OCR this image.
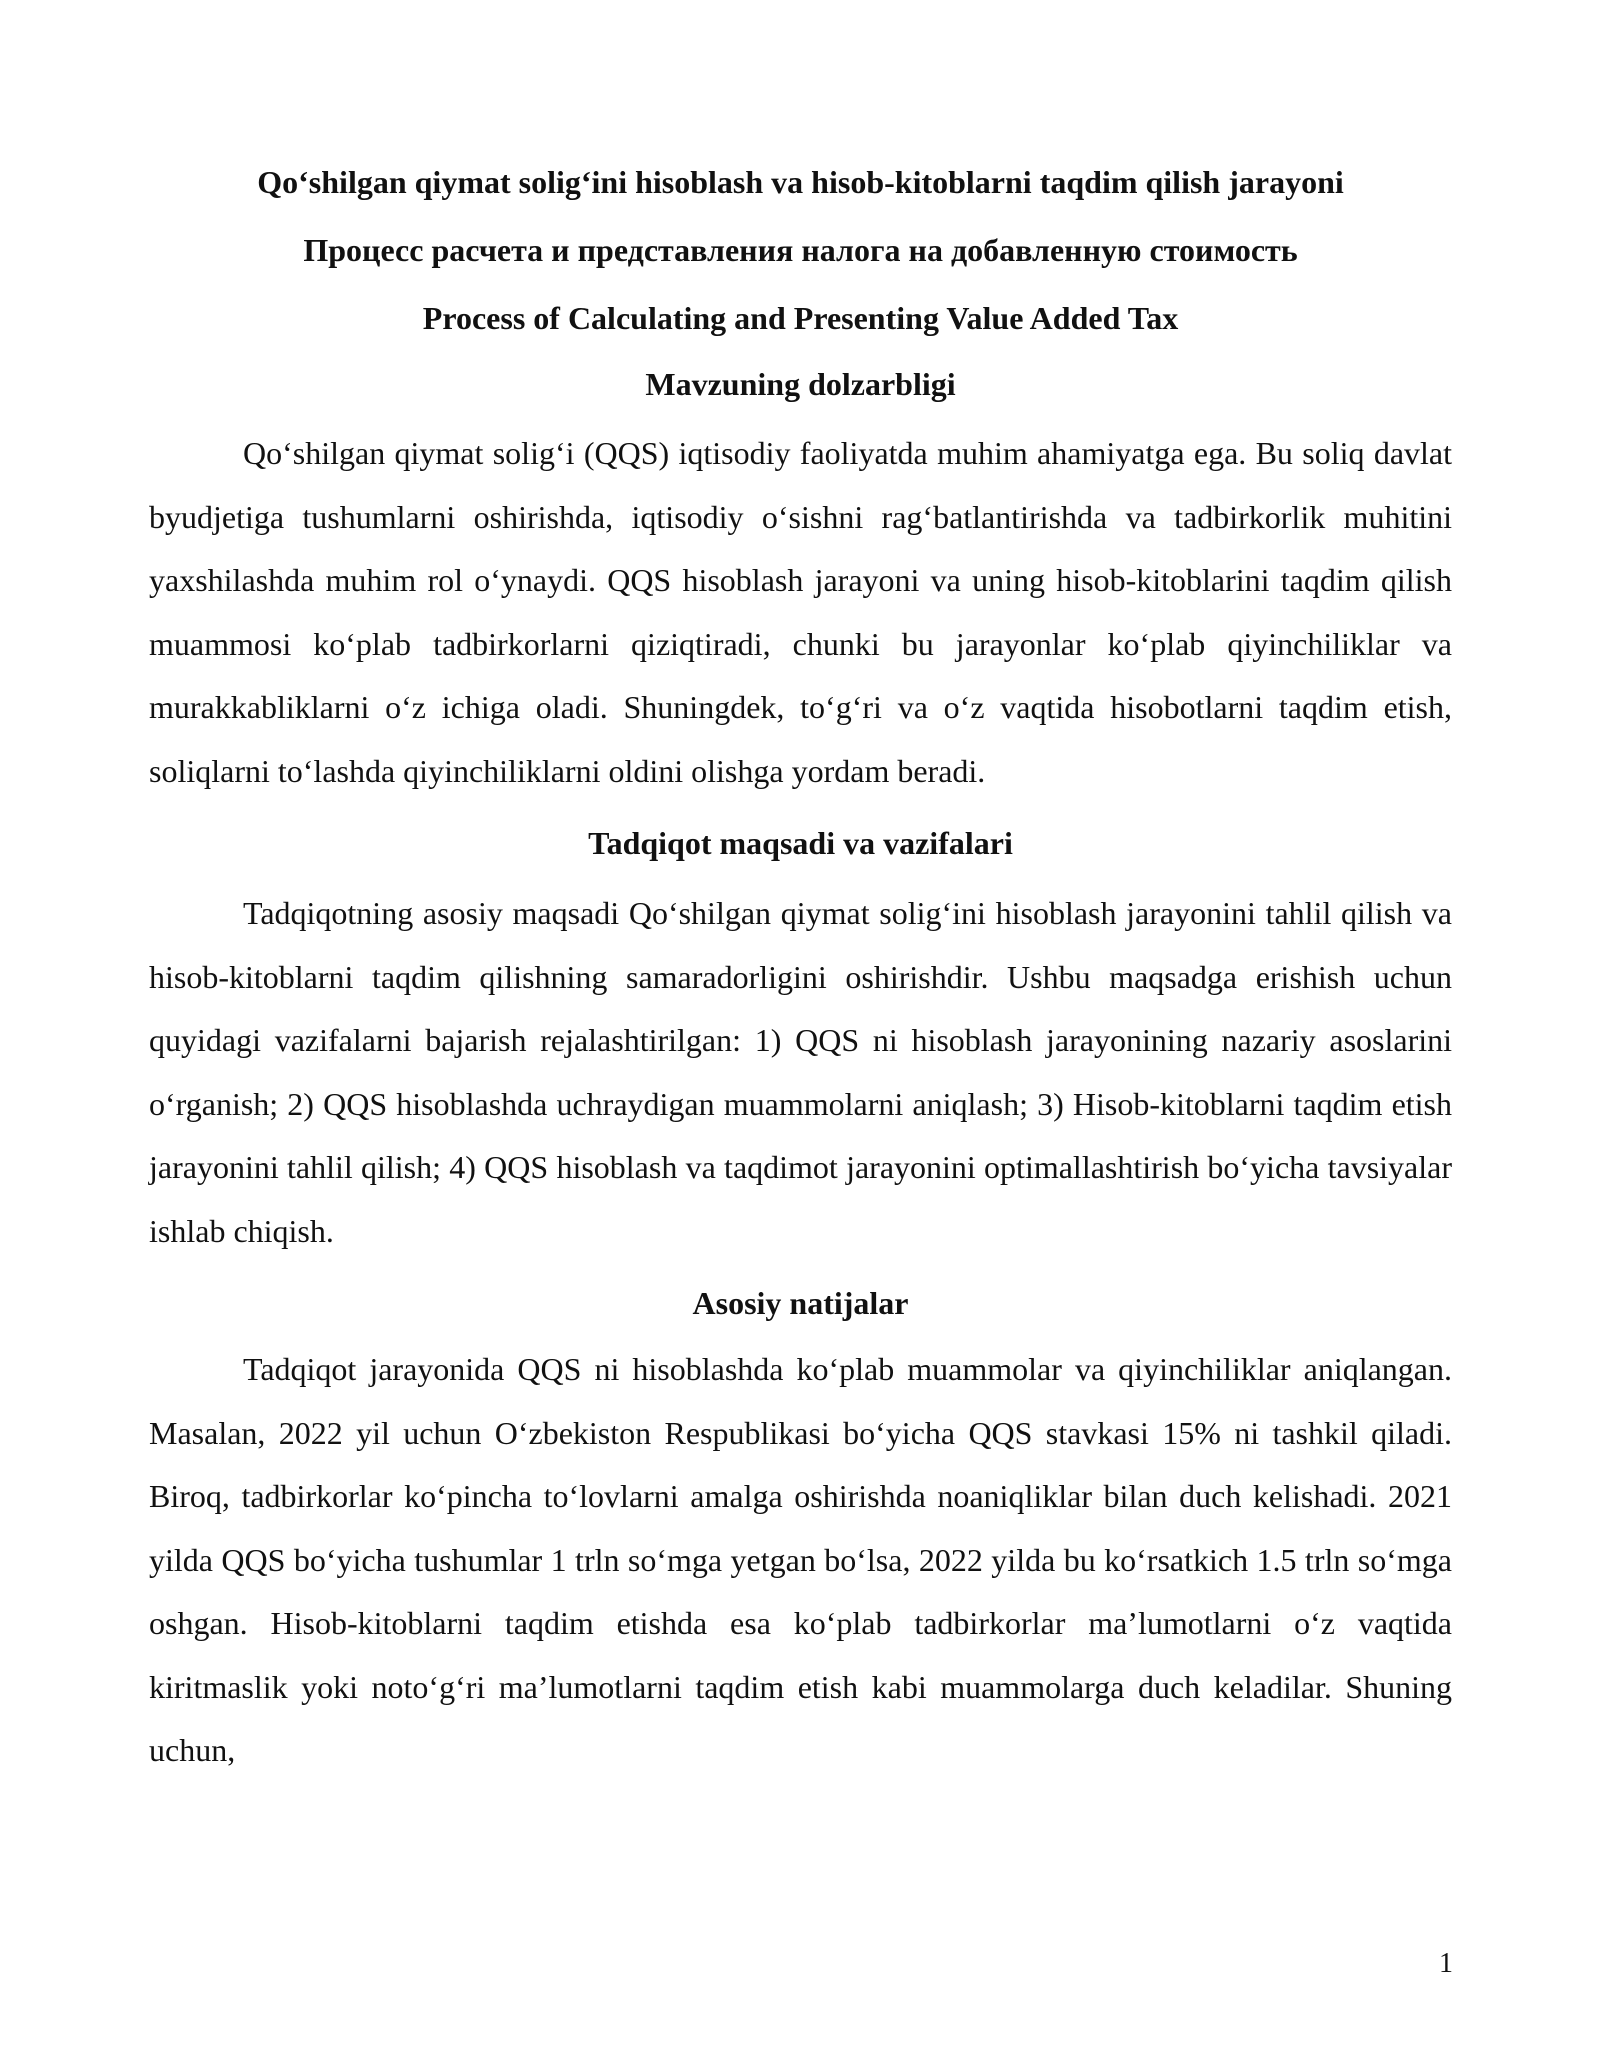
Qo‘shilgan qiymat solig‘ini hisoblash va hisob-kitoblarni taqdim qilish jarayoni
Процесс расчета и представления налога на добавленную стоимость
Process of Calculating and Presenting Value Added Tax
Mavzuning dolzarbligi

Qo‘shilgan qiymat solig‘i (QQS) iqtisodiy faoliyatda muhim ahamiyatga ega. Bu soliq davlat byudjetiga tushumlarni oshirishda, iqtisodiy o‘sishni rag‘batlantirishda va tadbirkorlik muhitini yaxshilashda muhim rol o‘ynaydi. QQS hisoblash jarayoni va uning hisob-kitoblarini taqdim qilish muammosi ko‘plab tadbirkorlarni qiziqtiradi, chunki bu jarayonlar ko‘plab qiyinchiliklar va murakkabliklarni o‘z ichiga oladi. Shuningdek, to‘g‘ri va o‘z vaqtida hisobotlarni taqdim etish, soliqlarni to‘lashda qiyinchiliklarni oldini olishga yordam beradi.

Tadqiqot maqsadi va vazifalari

Tadqiqotning asosiy maqsadi Qo‘shilgan qiymat solig‘ini hisoblash jarayonini tahlil qilish va hisob-kitoblarni taqdim qilishning samaradorligini oshirishdir. Ushbu maqsadga erishish uchun quyidagi vazifalarni bajarish rejalashtirilgan: 1) QQS ni hisoblash jarayonining nazariy asoslarini o‘rganish; 2) QQS hisoblashda uchraydigan muammolarni aniqlash; 3) Hisob-kitoblarni taqdim etish jarayonini tahlil qilish; 4) QQS hisoblash va taqdimot jarayonini optimallashtirish bo‘yicha tavsiyalar ishlab chiqish.

Asosiy natijalar

Tadqiqot jarayonida QQS ni hisoblashda ko‘plab muammolar va qiyinchiliklar aniqlangan. Masalan, 2022 yil uchun O‘zbekiston Respublikasi bo‘yicha QQS stavkasi 15% ni tashkil qiladi. Biroq, tadbirkorlar ko‘pincha to‘lovlarni amalga oshirishda noaniqliklar bilan duch kelishadi. 2021 yilda QQS bo‘yicha tushumlar 1 trln so‘mga yetgan bo‘lsa, 2022 yilda bu ko‘rsatkich 1.5 trln so‘mga oshgan. Hisob-kitoblarni taqdim etishda esa ko‘plab tadbirkorlar ma’lumotlarni o‘z vaqtida kiritmaslik yoki noto‘g‘ri ma’lumotlarni taqdim etish kabi muammolarga duch keladilar. Shuning uchun,

1
